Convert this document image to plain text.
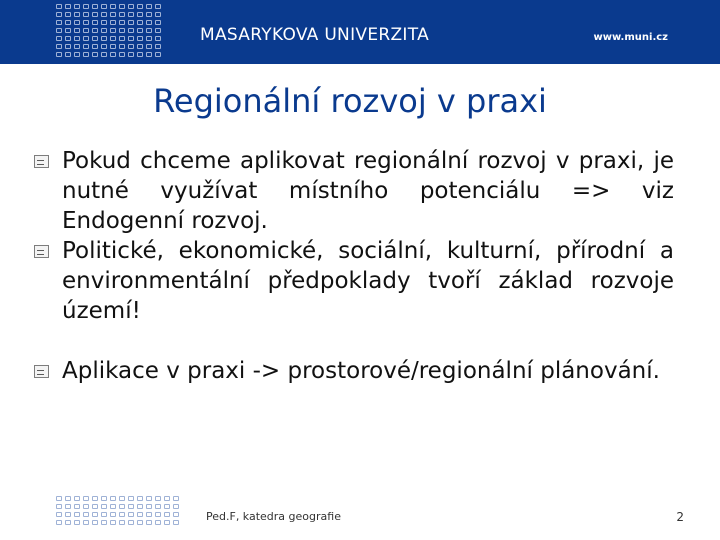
MASARYKOVA UNIVERZITA	www.muni.cz
Regionální rozvoj v praxi
Pokud chceme aplikovat regionální rozvoj v praxi, je nutné využívat místního potenciálu => viz Endogenní rozvoj.
Politické, ekonomické, sociální, kulturní, přírodní a environmentální předpoklady tvoří základ rozvoje území!
Aplikace v praxi -> prostorové/regionální plánování.
Ped.F, katedra geografie	2
